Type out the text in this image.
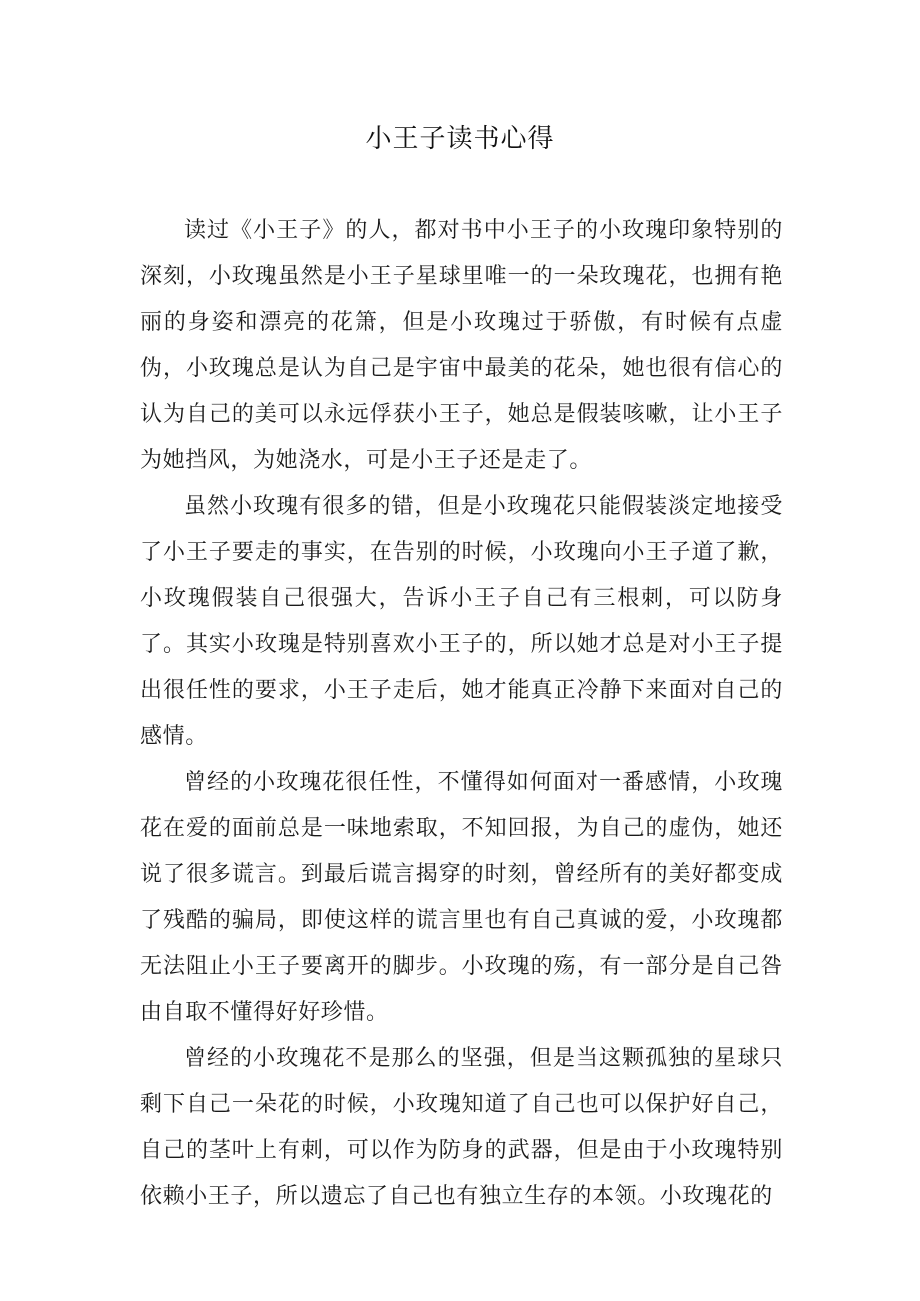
小王子读书心得

读过《小王子》的人，都对书中小王子的小玫瑰印象特别的深刻，小玫瑰虽然是小王子星球里唯一的一朵玫瑰花，也拥有艳丽的身姿和漂亮的花箫，但是小玫瑰过于骄傲，有时候有点虚伪，小玫瑰总是认为自己是宇宙中最美的花朵，她也很有信心的认为自己的美可以永远俘获小王子，她总是假装咳嗽，让小王子为她挡风，为她浇水，可是小王子还是走了。

虽然小玫瑰有很多的错，但是小玫瑰花只能假装淡定地接受了小王子要走的事实，在告别的时候，小玫瑰向小王子道了歉，小玫瑰假装自己很强大，告诉小王子自己有三根刺，可以防身了。其实小玫瑰是特别喜欢小王子的，所以她才总是对小王子提出很任性的要求，小王子走后，她才能真正冷静下来面对自己的感情。

曾经的小玫瑰花很任性，不懂得如何面对一番感情，小玫瑰花在爱的面前总是一味地索取，不知回报，为自己的虚伪，她还说了很多谎言。到最后谎言揭穿的时刻，曾经所有的美好都变成了残酷的骗局，即使这样的谎言里也有自己真诚的爱，小玫瑰都无法阻止小王子要离开的脚步。小玫瑰的殇，有一部分是自己咎由自取不懂得好好珍惜。

曾经的小玫瑰花不是那么的坚强，但是当这颗孤独的星球只剩下自己一朵花的时候，小玫瑰知道了自己也可以保护好自己，自己的茎叶上有刺，可以作为防身的武器，但是由于小玫瑰特别依赖小王子，所以遗忘了自己也有独立生存的本领。小玫瑰花的
